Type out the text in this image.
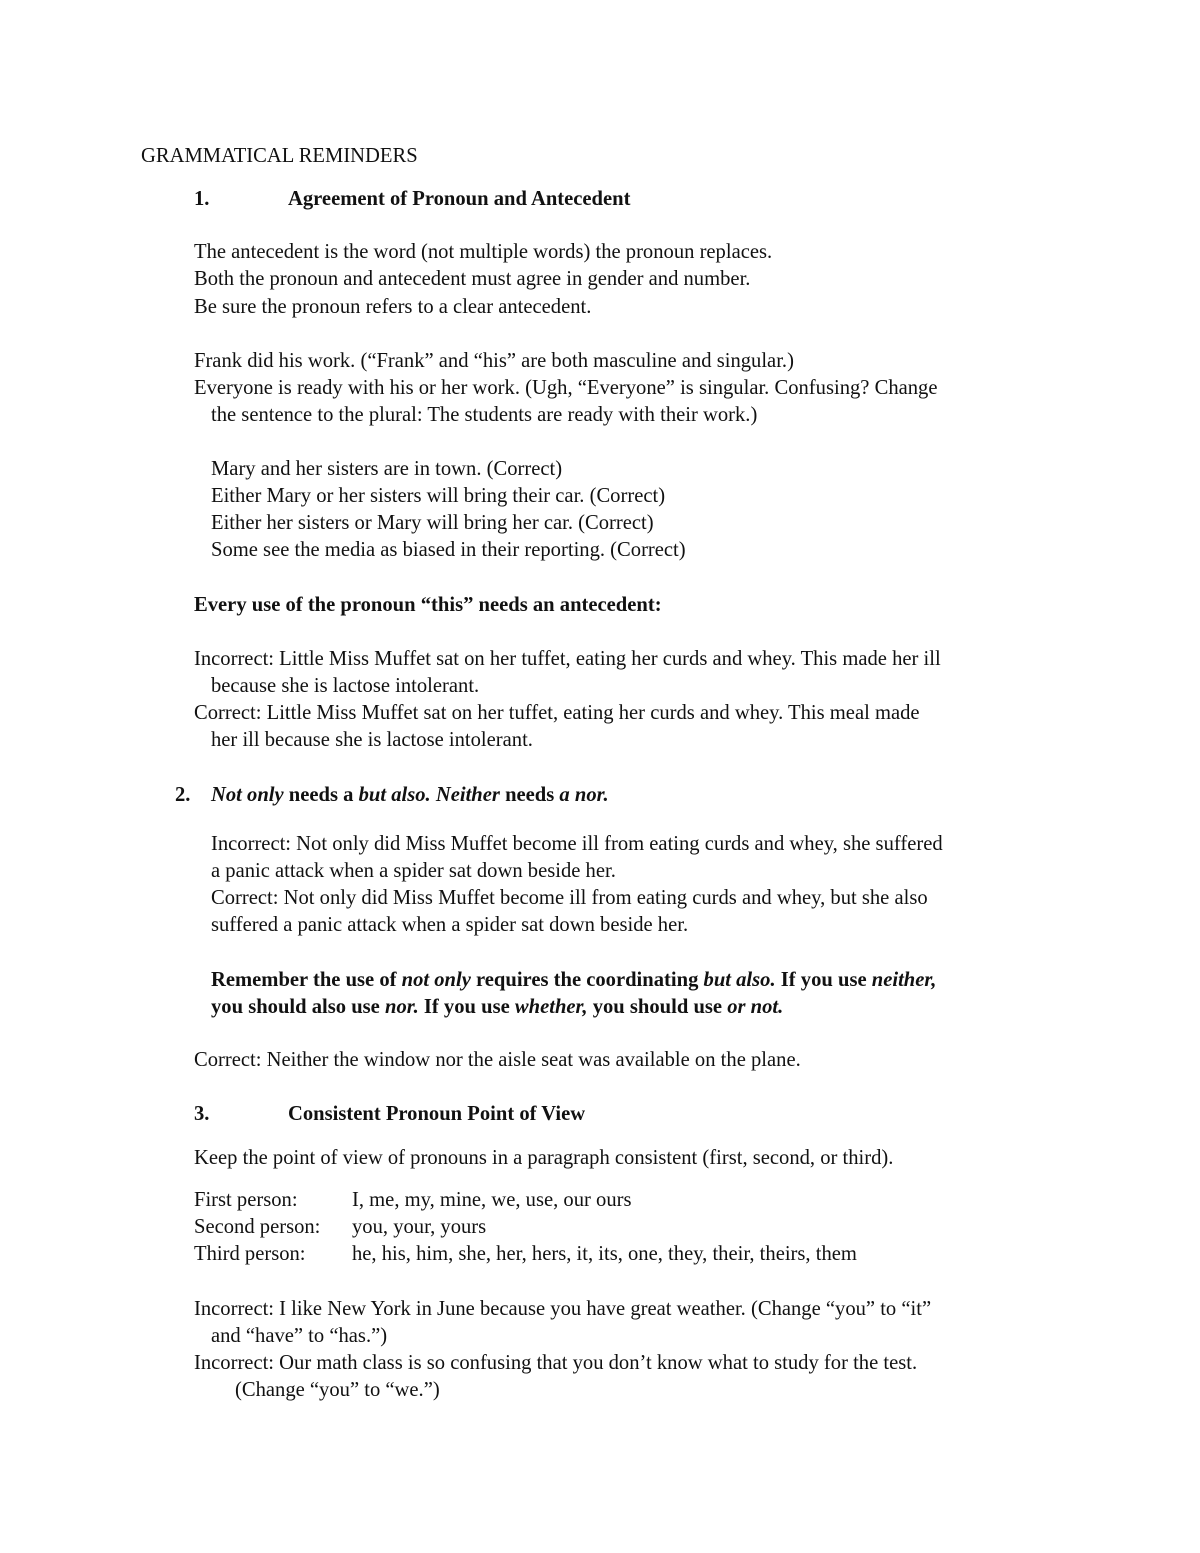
GRAMMATICAL REMINDERS
1.	Agreement of Pronoun and Antecedent
The antecedent is the word (not multiple words) the pronoun replaces.
Both the pronoun and antecedent must agree in gender and number.
Be sure the pronoun refers to a clear antecedent.
Frank did his work. (“Frank” and “his” are both masculine and singular.)
Everyone is ready with his or her work. (Ugh, “Everyone” is singular. Confusing? Change
the sentence to the plural: The students are ready with their work.)
Mary and her sisters are in town. (Correct)
Either Mary or her sisters will bring their car. (Correct)
Either her sisters or Mary will bring her car. (Correct)
Some see the media as biased in their reporting. (Correct)
Every use of the pronoun “this” needs an antecedent:
Incorrect: Little Miss Muffet sat on her tuffet, eating her curds and whey. This made her ill
because she is lactose intolerant.
Correct: Little Miss Muffet sat on her tuffet, eating her curds and whey. This meal made
her ill because she is lactose intolerant.
2. Not only needs a but also. Neither needs a nor.
Incorrect: Not only did Miss Muffet become ill from eating curds and whey, she suffered
a panic attack when a spider sat down beside her.
Correct: Not only did Miss Muffet become ill from eating curds and whey, but she also
suffered a panic attack when a spider sat down beside her.
Remember the use of not only requires the coordinating but also. If you use neither,
you should also use nor. If you use whether, you should use or not.
Correct: Neither the window nor the aisle seat was available on the plane.
3.	Consistent Pronoun Point of View
Keep the point of view of pronouns in a paragraph consistent (first, second, or third).
First person:	I, me, my, mine, we, use, our ours
Second person: you, your, yours
Third person: he, his, him, she, her, hers, it, its, one, they, their, theirs, them
Incorrect: I like New York in June because you have great weather. (Change “you” to “it”
and “have” to “has.”)
Incorrect: Our math class is so confusing that you don’t know what to study for the test.
(Change “you” to “we.”)
